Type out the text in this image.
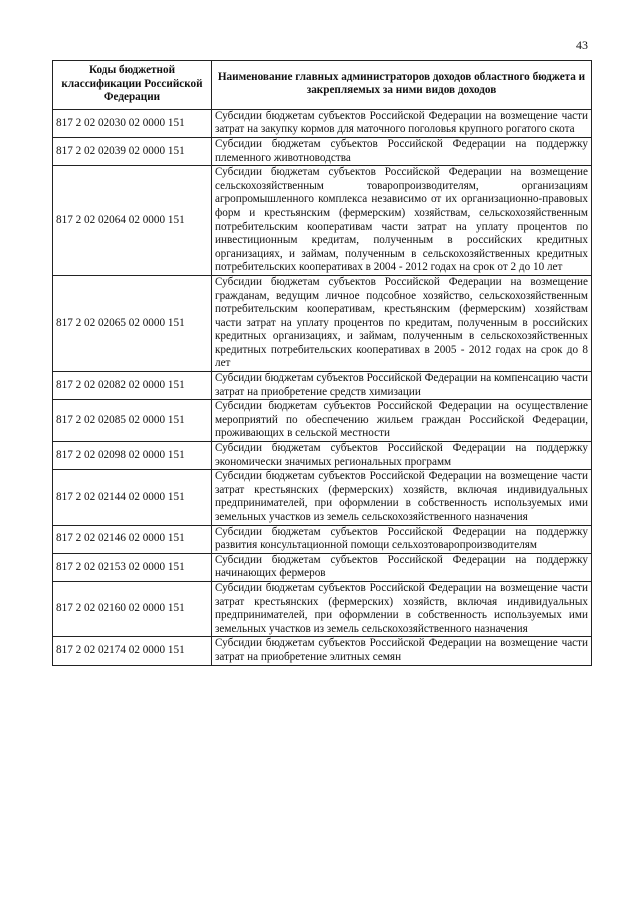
43
Коды бюджетной классификации Российской Федерации	Наименование главных администраторов доходов областного бюджета и закрепляемых за ними видов доходов
817 2 02 02030 02 0000 151	Субсидии бюджетам субъектов Российской Федерации на возмещение части затрат на закупку кормов для маточного поголовья крупного рогатого скота
817 2 02 02039 02 0000 151	Субсидии бюджетам субъектов Российской Федерации на поддержку племенного животноводства
817 2 02 02064 02 0000 151	Субсидии бюджетам субъектов Российской Федерации на возмещение сельскохозяйственным товаропроизводителям, организациям агропромышленного комплекса независимо от их организационно-правовых форм и крестьянским (фермерским) хозяйствам, сельскохозяйственным потребительским кооперативам части затрат на уплату процентов по инвестиционным кредитам, полученным в российских кредитных организациях, и займам, полученным в сельскохозяйственных кредитных потребительских кооперативах в 2004 - 2012 годах на срок от 2 до 10 лет
817 2 02 02065 02 0000 151	Субсидии бюджетам субъектов Российской Федерации на возмещение гражданам, ведущим личное подсобное хозяйство, сельскохозяйственным потребительским кооперативам, крестьянским (фермерским) хозяйствам части затрат на уплату процентов по кредитам, полученным в российских кредитных организациях, и займам, полученным в сельскохозяйственных кредитных потребительских кооперативах в 2005 - 2012 годах на срок до 8 лет
817 2 02 02082 02 0000 151	Субсидии бюджетам субъектов Российской Федерации на компенсацию части затрат на приобретение средств химизации
817 2 02 02085 02 0000 151	Субсидии бюджетам субъектов Российской Федерации на осуществление мероприятий по обеспечению жильем граждан Российской Федерации, проживающих в сельской местности
817 2 02 02098 02 0000 151	Субсидии бюджетам субъектов Российской Федерации на поддержку экономически значимых региональных программ
817 2 02 02144 02 0000 151	Субсидии бюджетам субъектов Российской Федерации на возмещение части затрат крестьянских (фермерских) хозяйств, включая индивидуальных предпринимателей, при оформлении в собственность используемых ими земельных участков из земель сельскохозяйственного назначения
817 2 02 02146 02 0000 151	Субсидии бюджетам субъектов Российской Федерации на поддержку развития консультационной помощи сельхозтоваропроизводителям
817 2 02 02153 02 0000 151	Субсидии бюджетам субъектов Российской Федерации на поддержку начинающих фермеров
817 2 02 02160 02 0000 151	Субсидии бюджетам субъектов Российской Федерации на возмещение части затрат крестьянских (фермерских) хозяйств, включая индивидуальных предпринимателей, при оформлении в собственность используемых ими земельных участков из земель сельскохозяйственного назначения
817 2 02 02174 02 0000 151	Субсидии бюджетам субъектов Российской Федерации на возмещение части затрат на приобретение элитных семян
